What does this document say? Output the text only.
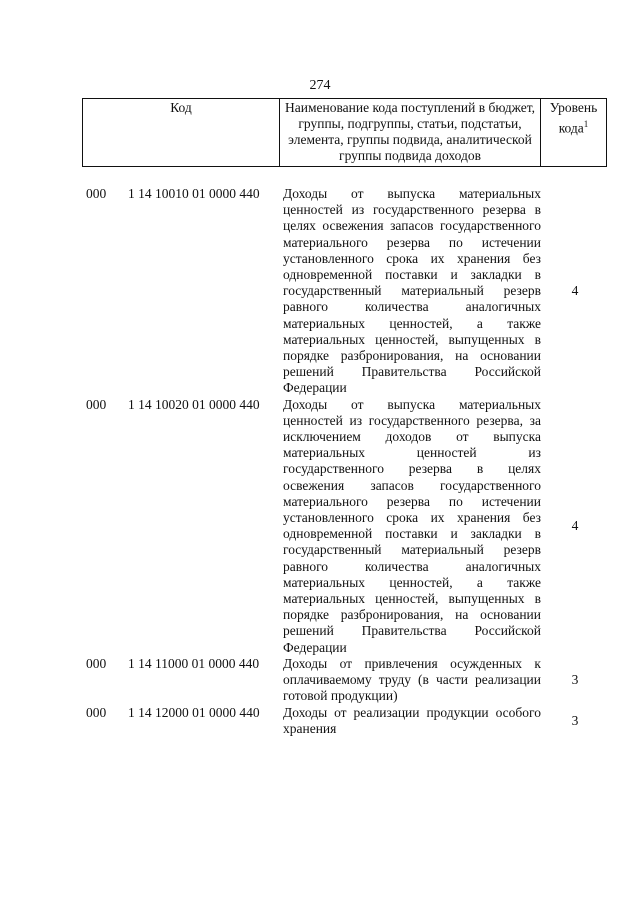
274
Код	Наименование кода поступлений в бюджет, группы, подгруппы, статьи, подстатьи, элемента, группы подвида, аналитической группы подвида доходов	Уровень кода$^1$
000	1 14 10010 01 0000 440	Доходы от выпуска материальных ценностей из государственного резерва в целях освежения запасов государственного материального резерва по истечении установленного срока их хранения без одновременной поставки и закладки в государственный материальный резерв равного количества аналогичных материальных ценностей, а также материальных ценностей, выпущенных в порядке разбронирования, на основании решений Правительства Российской Федерации	4
000	1 14 10020 01 0000 440	Доходы от выпуска материальных ценностей из государственного резерва, за исключением доходов от выпуска материальных ценностей из государственного резерва в целях освежения запасов государственного материального резерва по истечении установленного срока их хранения без одновременной поставки и закладки в государственный материальный резерв равного количества аналогичных материальных ценностей, а также материальных ценностей, выпущенных в порядке разбронирования, на основании решений Правительства Российской Федерации	4
000	1 14 11000 01 0000 440	Доходы от привлечения осужденных к оплачиваемому труду (в части реализации готовой продукции)	3
000	1 14 12000 01 0000 440	Доходы от реализации продукции особого хранения	3
